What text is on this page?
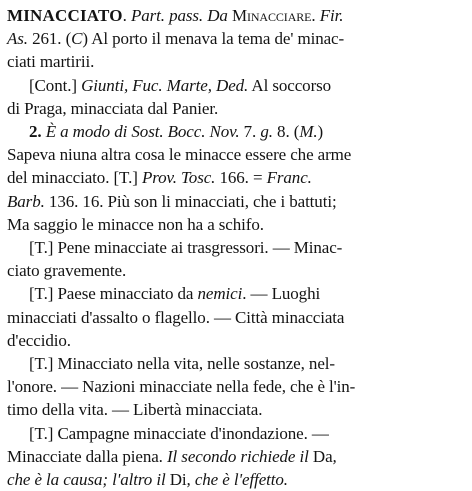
MINACCIATO. Part. pass. Da Minacciare. Fir.
As. 261. (C) Al porto il menava la tema de' minac-
ciati martirii.
[Cont.] Giunti, Fuc. Marte, Ded. Al soccorso
di Praga, minacciata dal Panier.
2. È a modo di Sost. Bocc. Nov. 7. g. 8. (M.)
Sapeva niuna altra cosa le minacce essere che arme
del minacciato. [T.] Prov. Tosc. 166. = Franc.
Barb. 136. 16. Più son li minacciati, che i battuti;
Ma saggio le minacce non ha a schifo.
[T.] Pene minacciate ai trasgressori. — Minac-
ciato gravemente.
[T.] Paese minacciato da nemici. — Luoghi
minacciati d'assalto o flagello. — Città minacciata
d'eccidio.
[T.] Minacciato nella vita, nelle sostanze, nel-
l'onore. — Nazioni minacciate nella fede, che è l'in-
timo della vita. — Libertà minacciata.
[T.] Campagne minacciate d'inondazione. —
Minacciate dalla piena. Il secondo richiede il Da,
che è la causa; l'altro il Di, che è l'effetto.
